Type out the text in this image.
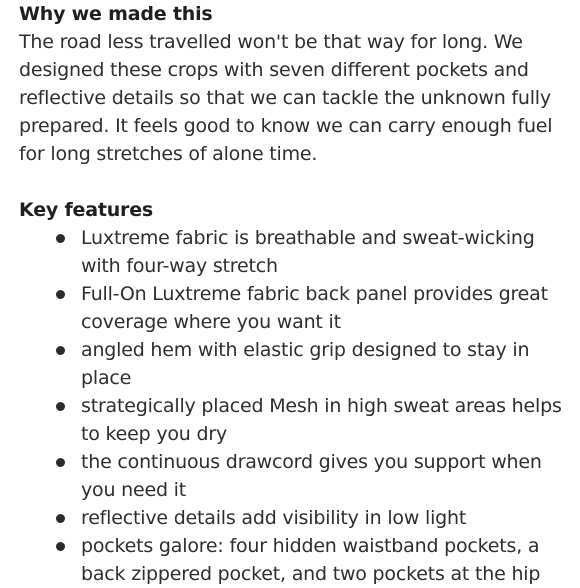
Why we made this

The road less travelled won't be that way for long. We designed these crops with seven different pockets and reflective details so that we can tackle the unknown fully prepared. It feels good to know we can carry enough fuel for long stretches of alone time.

Key features
Luxtreme fabric is breathable and sweat-wicking with four-way stretch
Full-On Luxtreme fabric back panel provides great coverage where you want it
angled hem with elastic grip designed to stay in place
strategically placed Mesh in high sweat areas helps to keep you dry
the continuous drawcord gives you support when you need it
reflective details add visibility in low light
pockets galore: four hidden waistband pockets, a back zippered pocket, and two pockets at the hip
